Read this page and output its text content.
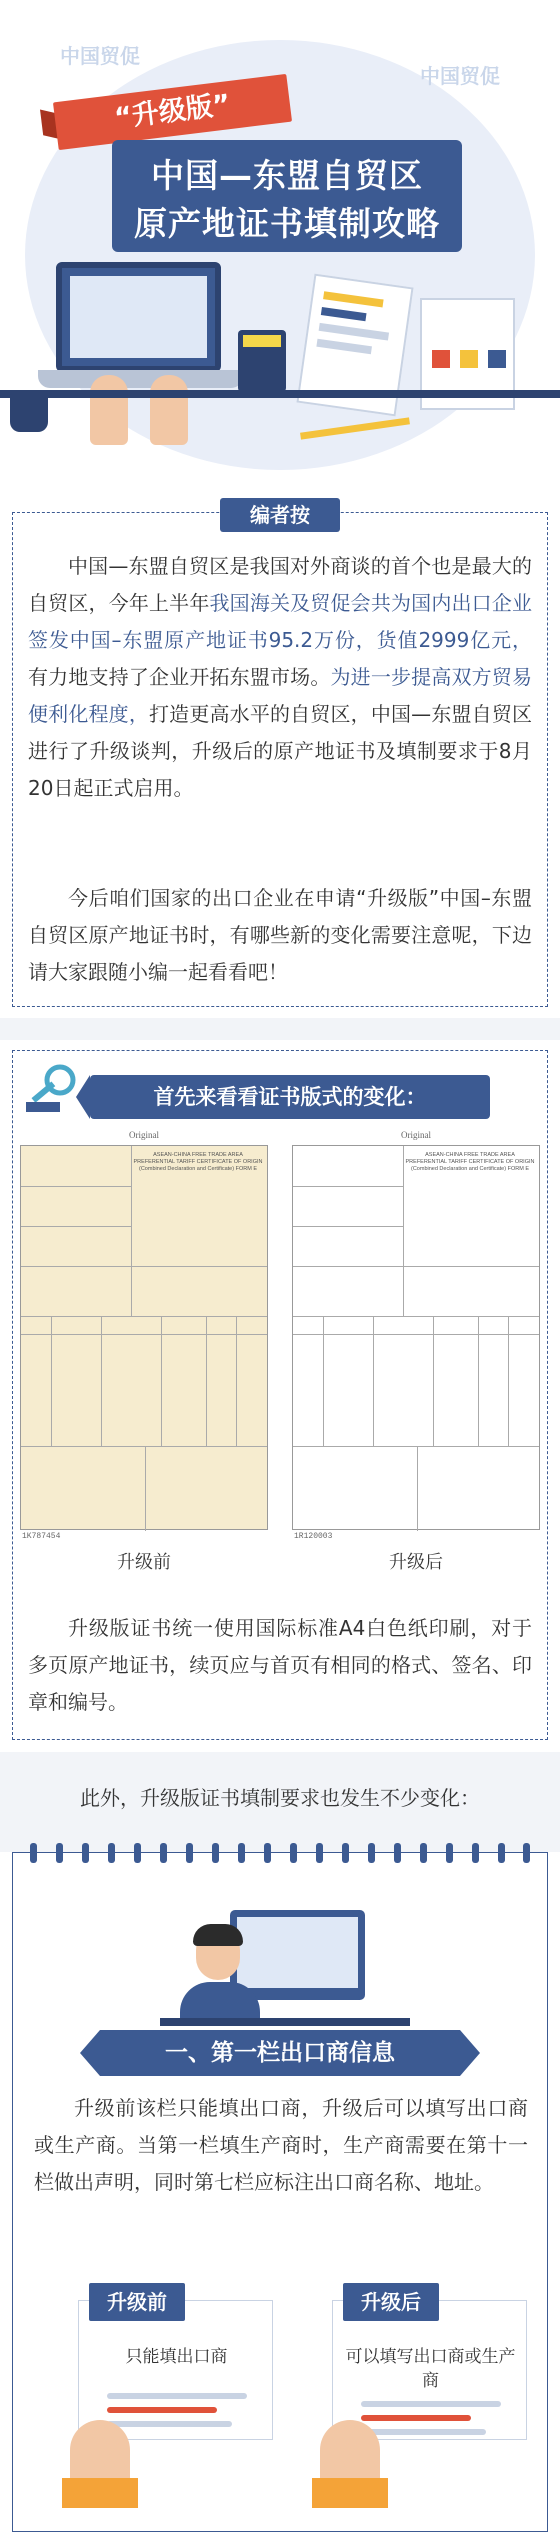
中国贸促
中国贸促
“升级版”
中国—东盟自贸区
原产地证书填制攻略
编者按
中国—东盟自贸区是我国对外商谈的首个也是最大的自贸区，今年上半年我国海关及贸促会共为国内出口企业签发中国–东盟原产地证书95.2万份，货值2999亿元，有力地支持了企业开拓东盟市场。为进一步提高双方贸易便利化程度，打造更高水平的自贸区，中国—东盟自贸区进行了升级谈判，升级后的原产地证书及填制要求于8月20日起正式启用。
今后咱们国家的出口企业在申请“升级版”中国–东盟自贸区原产地证书时，有哪些新的变化需要注意呢，下边请大家跟随小编一起看看吧！
首先来看看证书版式的变化：
Original
ASEAN-CHINA FREE TRADE AREA PREFERENTIAL TARIFF CERTIFICATE OF ORIGIN (Combined Declaration and Certificate) FORM E
1K787454
升级前
Original
ASEAN-CHINA FREE TRADE AREA PREFERENTIAL TARIFF CERTIFICATE OF ORIGIN (Combined Declaration and Certificate) FORM E
1R120003
升级后
升级版证书统一使用国际标准A4白色纸印刷，对于多页原产地证书，续页应与首页有相同的格式、签名、印章和编号。
此外，升级版证书填制要求也发生不少变化：
一、第一栏出口商信息
升级前该栏只能填出口商，升级后可以填写出口商或生产商。当第一栏填生产商时，生产商需要在第十一栏做出声明，同时第七栏应标注出口商名称、地址。
升级前
只能填出口商
升级后
可以填写出口商或生产商
